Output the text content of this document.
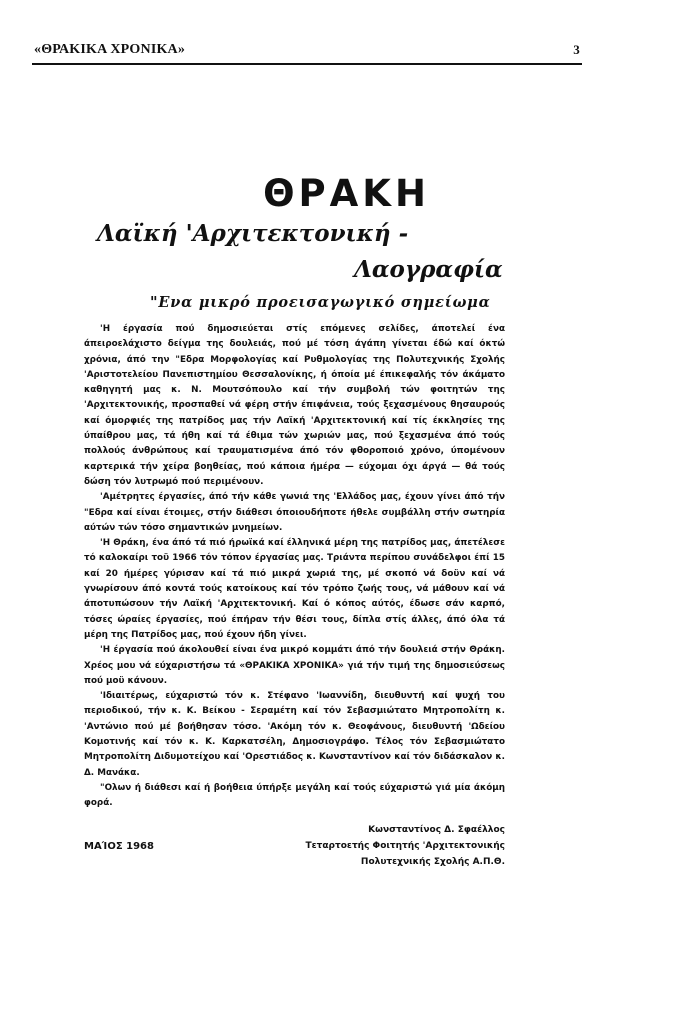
«ΘΡΑΚΙΚΑ ΧΡΟΝΙΚΑ»	3
ΘΡΑΚΗ
Λαϊκή 'Αρχιτεκτονική -
Λαογραφία
"Ενα μικρό προεισαγωγικό σημείωμα

'Η έργασία πού δημοσιεύεται στίς επόμενες σελίδες, άποτελεί ένα άπειροελάχιστο δείγμα της δουλειάς, πού μέ τόση άγάπη γίνεται έδώ καί όκτώ χρόνια, άπό την "Εδρα Μορφολογίας καί Ρυθμολογίας της Πολυτεχνικής Σχολής 'Αριστοτελείου Πανεπιστημίου Θεσσαλονίκης, ή όποία μέ έπικεφαλής τόν άκάματο καθηγητή μας κ. Ν. Μουτσόπουλο καί τήν συμβολή τών φοιτητών της 'Αρχιτεκτονικής, προσπαθεί νά φέρη στήν έπιφάνεια, τούς ξεχασμένους θησαυρούς καί όμορφιές της πατρίδος μας τήν Λαϊκή 'Αρχιτεκτονική καί τίς έκκλησίες της ύπαίθρου μας, τά ήθη καί τά έθιμα τών χωριών μας, πού ξεχασμένα άπό τούς πολλούς άνθρώπους καί τραυματισμένα άπό τόν φθοροποιό χρόνο, ύπομένουν καρτερικά τήν χείρα βοηθείας, πού κάποια ήμέρα — εύχομαι όχι άργά — θά τούς δώση τόν λυτρωμό πού περιμένουν.

'Αμέτρητες έργασίες, άπό τήν κάθε γωνιά της 'Ελλάδος μας, έχουν γίνει άπό τήν "Εδρα καί είναι έτοιμες, στήν διάθεσι όποιουδήποτε ήθελε συμβάλλη στήν σωτηρία αύτών τών τόσο σημαντικών μνημείων.

'Η Θράκη, ένα άπό τά πιό ήρωϊκά καί έλληνικά μέρη της πατρίδος μας, άπετέλεσε τό καλοκαίρι τοϋ 1966 τόν τόπον έργασίας μας. Τριάντα περίπου συνάδελφοι έπί 15 καί 20 ήμέρες γύρισαν καί τά πιό μικρά χωριά της, μέ σκοπό νά δοϋν καί νά γνωρίσουν άπό κοντά τούς κατοίκους καί τόν τρόπο ζωής τους, νά μάθουν καί νά άποτυπώσουν τήν Λαϊκή 'Αρχιτεκτονική. Καί ό κόπος αύτός, έδωσε σάν καρπό, τόσες ώραίες έργασίες, πού έπήραν τήν θέσι τους, δίπλα στίς άλλες, άπό όλα τά μέρη της Πατρίδος μας, πού έχουν ήδη γίνει.

'Η έργασία πού άκολουθεί είναι ένα μικρό κομμάτι άπό τήν δουλειά στήν Θράκη. Χρέος μου νά εύχαριστήσω τά «ΘΡΑΚΙΚΑ ΧΡΟΝΙΚΑ» γιά τήν τιμή της δημοσιεύσεως πού μοϋ κάνουν.

'Ιδιαιτέρως, εύχαριστώ τόν κ. Στέφανο 'Ιωαννίδη, διευθυντή καί ψυχή του περιοδικού, τήν κ. Κ. Βείκου - Σεραμέτη καί τόν Σεβασμιώτατο Μητροπολίτη κ. 'Αντώνιο πού μέ βοήθησαν τόσο. 'Ακόμη τόν κ. Θεοφάνους, διευθυντή 'Ωδείου Κομοτινής καί τόν κ. Κ. Καρκατσέλη, Δημοσιογράφο. Τέλος τόν Σεβασμιώτατο Μητροπολίτη Διδυμοτείχου καί 'Ορεστιάδος κ. Κωνσταντίνον καί τόν διδάσκαλον κ. Δ. Μανάκα.

"Ολων ή διάθεσι καί ή βοήθεια ύπήρξε μεγάλη καί τούς εύχαριστώ γιά μία άκόμη φορά.

ΜΑΊΟΣ 1968
Κωνσταντίνος Δ. Σφαέλλος
Τεταρτοετής Φοιτητής 'Αρχιτεκτονικής
Πολυτεχνικής Σχολής Α.Π.Θ.
